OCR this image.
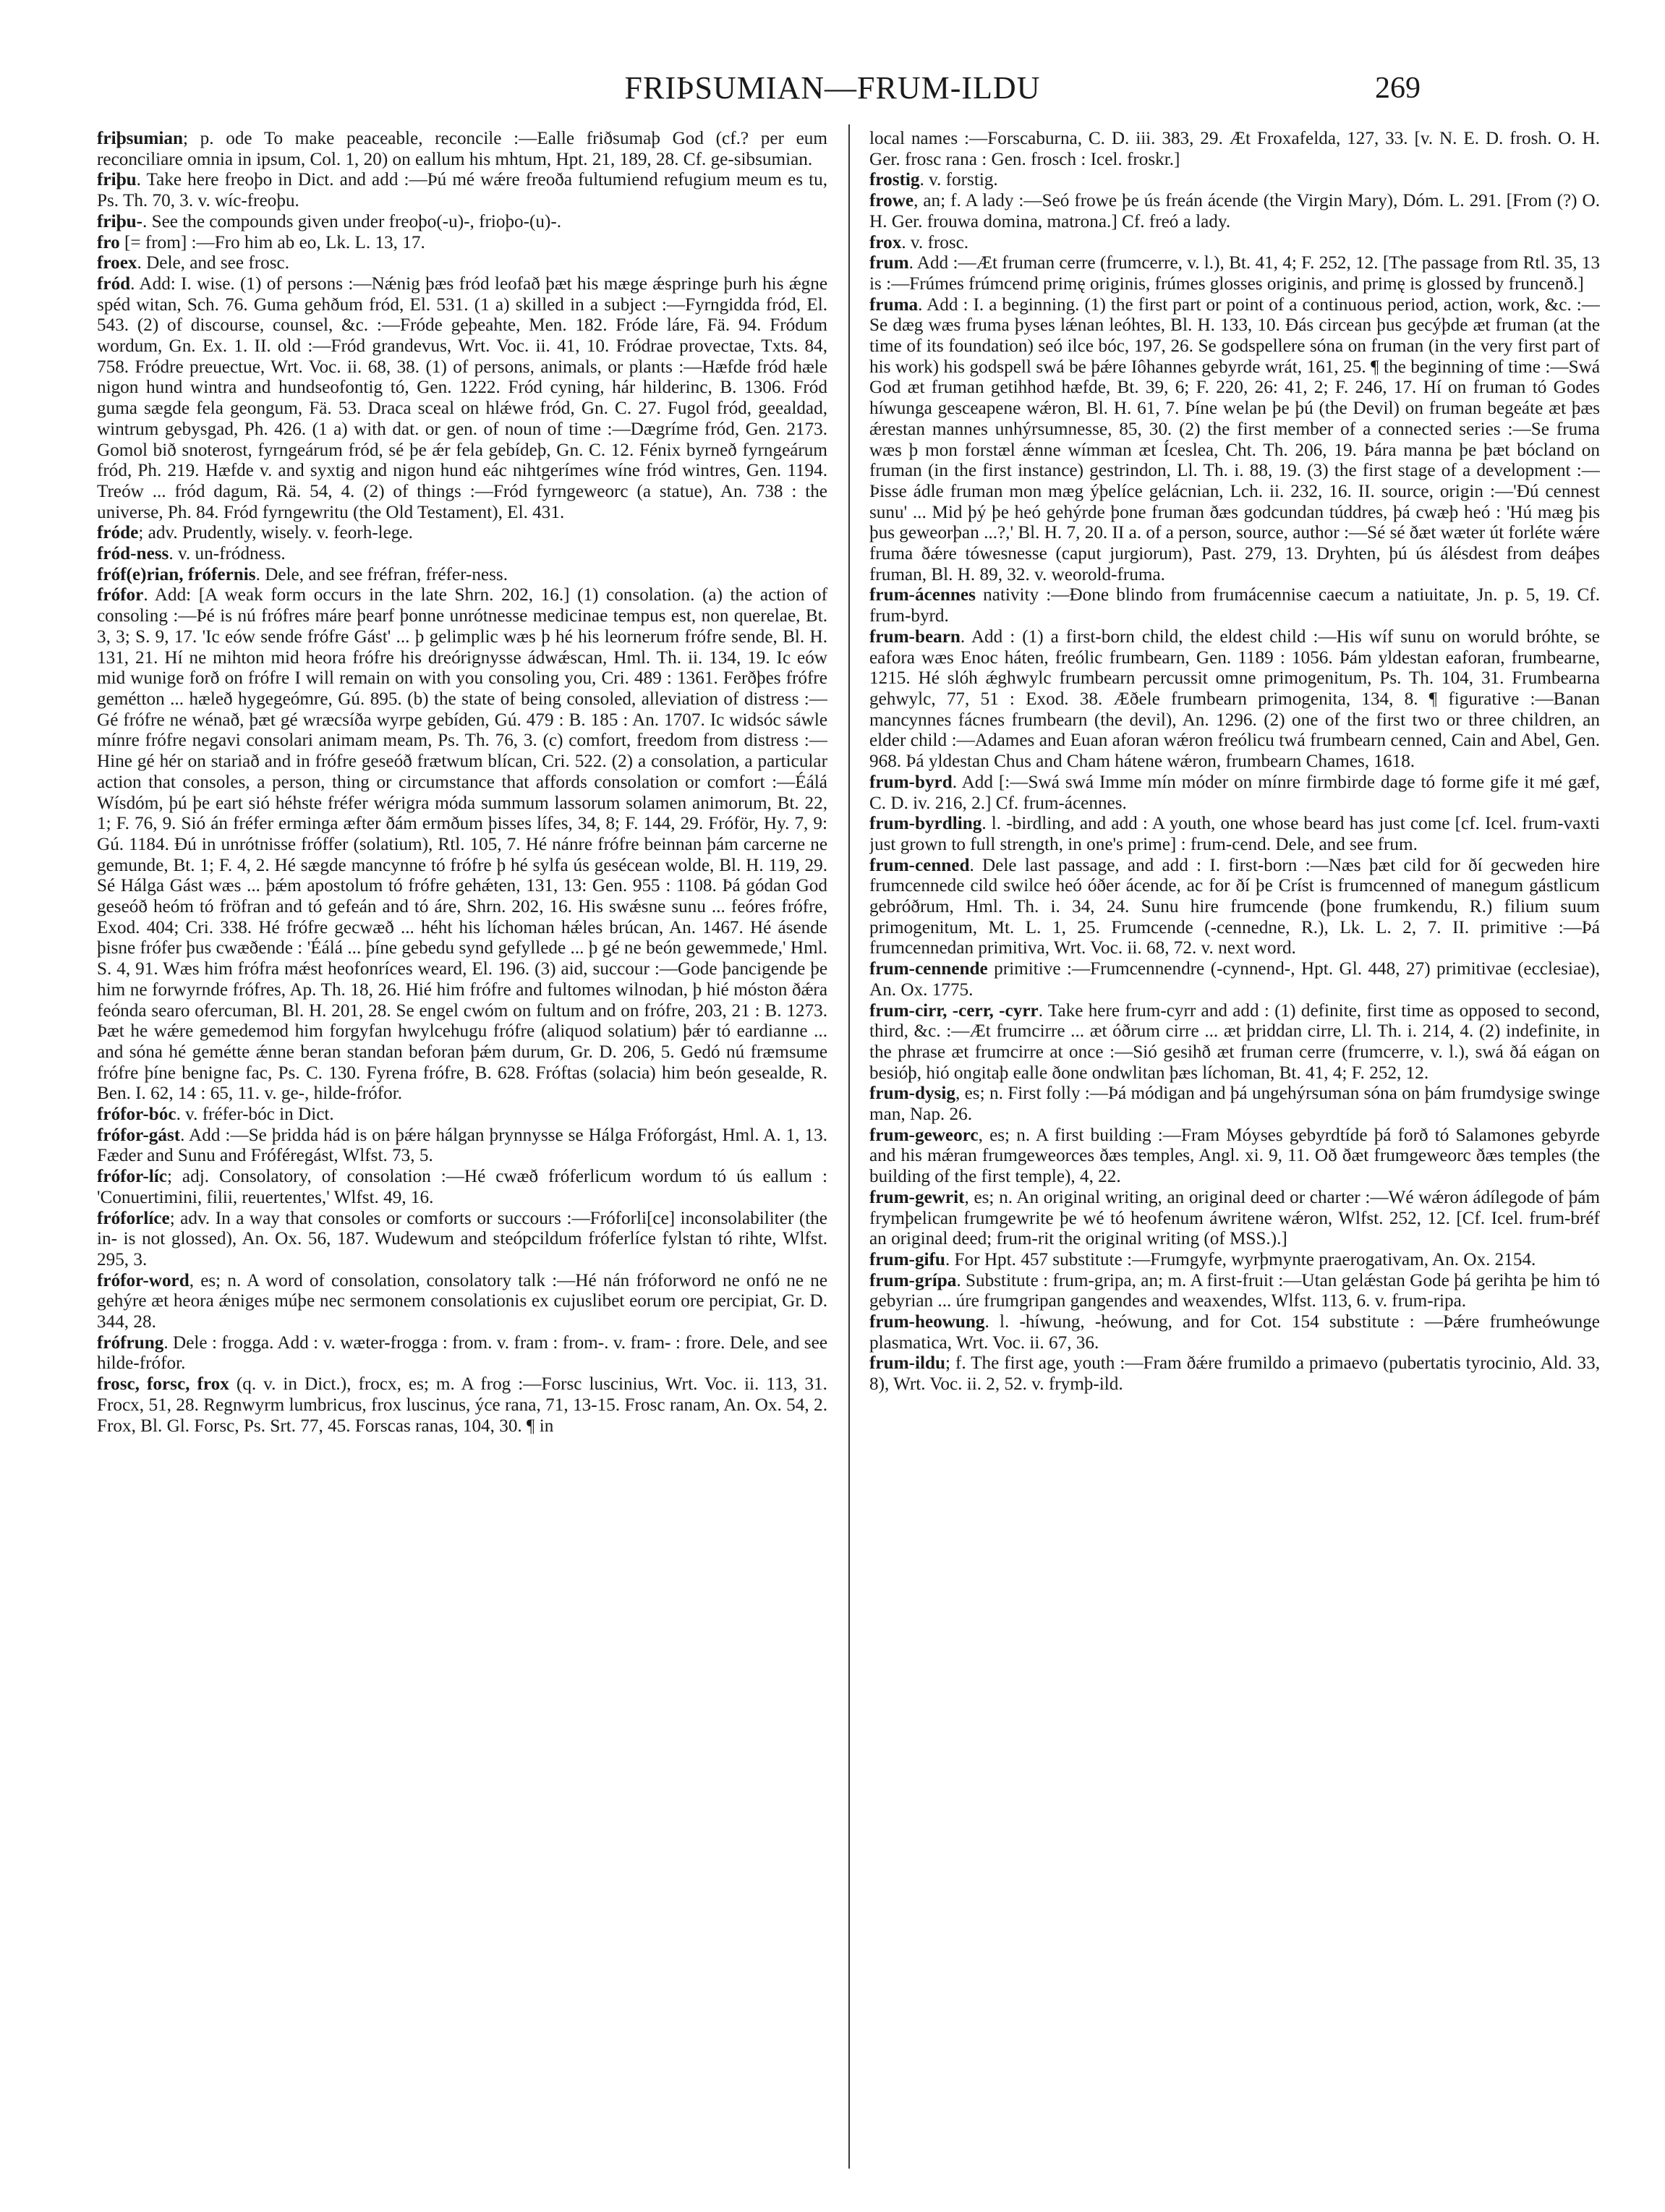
FRIÞSUMIAN—FRUM-ILDU	269

friþsumian; p. ode To make peaceable, reconcile :—Ealle friðsumaþ God (cf.? per eum reconciliare omnia in ipsum, Col. 1, 20) on eallum his mhtum, Hpt. 21, 189, 28. Cf. ge-sibsumian.

friþu. Take here freoþo in Dict. and add :—Þú mé wǽre freoða fultumiend refugium meum es tu, Ps. Th. 70, 3. v. wíc-freoþu.

friþu-. See the compounds given under freoþo(-u)-, frioþo-(u)-.

fro [= from] :—Fro him ab eo, Lk. L. 13, 17.

froex. Dele, and see frosc.

fród. Add: I. wise. (1) of persons :—Nǽnig þæs fród leofað þæt his mæge ǽspringe þurh his ǽgne spéd witan, Sch. 76. Guma gehðum fród, El. 531. (1 a) skilled in a subject :—Fyrngidda fród, El. 543. (2) of discourse, counsel, &c. :—Fróde geþeahte, Men. 182. Fróde láre, Fä. 94. Fródum wordum, Gn. Ex. 1. II. old :—Fród grandevus, Wrt. Voc. ii. 41, 10. Fródrae provectae, Txts. 84, 758. Fródre preuectue, Wrt. Voc. ii. 68, 38. (1) of persons, animals, or plants :—Hæfde fród hæle nigon hund wintra and hundseofontig tó, Gen. 1222. Fród cyning, hár hilderinc, B. 1306. Fród guma sægde fela geongum, Fä. 53. Draca sceal on hlǽwe fród, Gn. C. 27. Fugol fród, geealdad, wintrum gebysgad, Ph. 426. (1 a) with dat. or gen. of noun of time :—Dægríme fród, Gen. 2173. Gomol bið snoterost, fyrngeárum fród, sé þe ǽr fela gebídeþ, Gn. C. 12. Fénix byrneð fyrngeárum fród, Ph. 219. Hæfde v. and syxtig and nigon hund eác nihtgerímes wíne fród wintres, Gen. 1194. Treów ... fród dagum, Rä. 54, 4. (2) of things :—Fród fyrngeweorc (a statue), An. 738 : the universe, Ph. 84. Fród fyrngewritu (the Old Testament), El. 431.

fróde; adv. Prudently, wisely. v. feorh-lege.

fród-ness. v. un-fródness.

fróf(e)rian, frófernis. Dele, and see fréfran, fréfer-ness.

frófor. Add: [A weak form occurs in the late Shrn. 202, 16.] (1) consolation. (a) the action of consoling :—Þé is nú frófres máre þearf þonne unrótnesse medicinae tempus est, non querelae, Bt. 3, 3; S. 9, 17. 'Ic eów sende frófre Gást' ... þ gelimplic wæs þ hé his leornerum frófre sende, Bl. H. 131, 21. Hí ne mihton mid heora frófre his dreórignysse ádwǽscan, Hml. Th. ii. 134, 19. Ic eów mid wunige forð on frófre I will remain on with you consoling you, Cri. 489 : 1361. Ferðþes frófre gemétton ... hæleð hygegeómre, Gú. 895. (b) the state of being consoled, alleviation of distress :—Gé frófre ne wénað, þæt gé wræcsíða wyrpe gebíden, Gú. 479 : B. 185 : An. 1707. Ic widsóc sáwle mínre frófre negavi consolari animam meam, Ps. Th. 76, 3. (c) comfort, freedom from distress :—Hine gé hér on stariað and in frófre geseóð frætwum blícan, Cri. 522. (2) a consolation, a particular action that consoles, a person, thing or circumstance that affords consolation or comfort :—Éálá Wísdóm, þú þe eart sió héhste fréfer wérigra móda summum lassorum solamen animorum, Bt. 22, 1; F. 76, 9. Sió án fréfer erminga æfter ðám ermðum þisses lífes, 34, 8; F. 144, 29. Fróför, Hy. 7, 9: Gú. 1184. Ðú in unrótnisse fróffer (solatium), Rtl. 105, 7. Hé nánre frófre beinnan þám carcerne ne gemunde, Bt. 1; F. 4, 2. Hé sægde mancynne tó frófre þ hé sylfa ús gesécean wolde, Bl. H. 119, 29. Sé Hálga Gást wæs ... þǽm apostolum tó frófre gehǽten, 131, 13: Gen. 955 : 1108. Þá gódan God geseóð heóm tó fröfran and tó gefeán and tó áre, Shrn. 202, 16. His swǽsne sunu ... feóres frófre, Exod. 404; Cri. 338. Hé frófre gecwæð ... héht his líchoman hǽles brúcan, An. 1467. Hé ásende þisne frófer þus cwæðende : 'Éálá ... þíne gebedu synd gefyllede ... þ gé ne beón gewemmede,' Hml. S. 4, 91. Wæs him frófra mǽst heofonríces weard, El. 196. (3) aid, succour :—Gode þancigende þe him ne forwyrnde frófres, Ap. Th. 18, 26. Hié him frófre and fultomes wilnodan, þ hié móston ðǽra feónda searo ofercuman, Bl. H. 201, 28. Se engel cwóm on fultum and on frófre, 203, 21 : B. 1273. Þæt he wǽre gemedemod him forgyfan hwylcehugu frófre (aliquod solatium) þǽr tó eardianne ... and sóna hé gemétte ǽnne beran standan beforan þǽm durum, Gr. D. 206, 5. Gedó nú fræmsume frófre þíne benigne fac, Ps. C. 130. Fyrena frófre, B. 628. Fróftas (solacia) him beón gesealde, R. Ben. I. 62, 14 : 65, 11. v. ge-, hilde-frófor.

frófor-bóc. v. fréfer-bóc in Dict.

frófor-gást. Add :—Se þridda hád is on þǽre hálgan þrynnysse se Hálga Fróforgást, Hml. A. 1, 13. Fæder and Sunu and Fróféregást, Wlfst. 73, 5.

frófor-líc; adj. Consolatory, of consolation :—Hé cwæð fróferlicum wordum tó ús eallum : 'Conuertimini, filii, reuertentes,' Wlfst. 49, 16.

fróforlíce; adv. In a way that consoles or comforts or succours :—Fróforli[ce] inconsolabiliter (the in- is not glossed), An. Ox. 56, 187. Wudewum and steópcildum fróferlíce fylstan tó rihte, Wlfst. 295, 3.

frófor-word, es; n. A word of consolation, consolatory talk :—Hé nán fróforword ne onfó ne ne gehýre æt heora ǽniges múþe nec sermonem consolationis ex cujuslibet eorum ore percipiat, Gr. D. 344, 28.

frófrung. Dele : frogga. Add : v. wæter-frogga : from. v. fram : from-. v. fram- : frore. Dele, and see hilde-frófor.

frosc, forsc, frox (q. v. in Dict.), frocx, es; m. A frog :—Forsc luscinius, Wrt. Voc. ii. 113, 31. Frocx, 51, 28. Regnwyrm lumbricus, frox luscinus, ýce rana, 71, 13-15. Frosc ranam, An. Ox. 54, 2. Frox, Bl. Gl. Forsc, Ps. Srt. 77, 45. Forscas ranas, 104, 30. ¶ in

local names :—Forscaburna, C. D. iii. 383, 29. Æt Froxafelda, 127, 33. [v. N. E. D. frosh. O. H. Ger. frosc rana : Gen. frosch : Icel. froskr.]

frostig. v. forstig.

frowe, an; f. A lady :—Seó frowe þe ús freán ácende (the Virgin Mary), Dóm. L. 291. [From (?) O. H. Ger. frouwa domina, matrona.] Cf. freó a lady.

frox. v. frosc.

frum. Add :—Æt fruman cerre (frumcerre, v. l.), Bt. 41, 4; F. 252, 12. [The passage from Rtl. 35, 13 is :—Frúmes frúmcend primę originis, frúmes glosses originis, and primę is glossed by fruncenð.]

fruma. Add : I. a beginning. (1) the first part or point of a continuous period, action, work, &c. :—Se dæg wæs fruma þyses lǽnan leóhtes, Bl. H. 133, 10. Ðás circean þus gecýþde æt fruman (at the time of its foundation) seó ilce bóc, 197, 26. Se godspellere sóna on fruman (in the very first part of his work) his godspell swá be þǽre Iôhannes gebyrde wrát, 161, 25. ¶ the beginning of time :—Swá God æt fruman getihhod hæfde, Bt. 39, 6; F. 220, 26: 41, 2; F. 246, 17. Hí on fruman tó Godes híwunga gesceapene wǽron, Bl. H. 61, 7. Þíne welan þe þú (the Devil) on fruman begeáte æt þæs ǽrestan mannes unhýrsumnesse, 85, 30. (2) the first member of a connected series :—Se fruma wæs þ mon forstæl ǽnne wímman æt Íceslea, Cht. Th. 206, 19. Þára manna þe þæt bócland on fruman (in the first instance) gestrindon, Ll. Th. i. 88, 19. (3) the first stage of a development :—Þisse ádle fruman mon mæg ýþelíce gelácnian, Lch. ii. 232, 16. II. source, origin :—'Ðú cennest sunu' ... Mid þý þe heó gehýrde þone fruman ðæs godcundan túddres, þá cwæþ heó : 'Hú mæg þis þus geweorþan ...?,' Bl. H. 7, 20. II a. of a person, source, author :—Sé sé ðæt wæter út forléte wǽre fruma ðǽre tówesnesse (caput jurgiorum), Past. 279, 13. Dryhten, þú ús álésdest from deáþes fruman, Bl. H. 89, 32. v. weorold-fruma.

frum-ácennes nativity :—Ðone blindo from frumácennise caecum a natiuitate, Jn. p. 5, 19. Cf. frum-byrd.

frum-bearn. Add : (1) a first-born child, the eldest child :—His wíf sunu on woruld bróhte, se eafora wæs Enoc háten, freólic frumbearn, Gen. 1189 : 1056. Þám yldestan eaforan, frumbearne, 1215. Hé slóh ǽghwylc frumbearn percussit omne primogenitum, Ps. Th. 104, 31. Frumbearna gehwylc, 77, 51 : Exod. 38. Æðele frumbearn primogenita, 134, 8. ¶ figurative :—Banan mancynnes fácnes frumbearn (the devil), An. 1296. (2) one of the first two or three children, an elder child :—Adames and Euan aforan wǽron freólicu twá frumbearn cenned, Cain and Abel, Gen. 968. Þá yldestan Chus and Cham hátene wǽron, frumbearn Chames, 1618.

frum-byrd. Add [:—Swá swá Imme mín móder on mínre firmbirde dage tó forme gife it mé gæf, C. D. iv. 216, 2.] Cf. frum-ácennes.

frum-byrdling. l. -birdling, and add : A youth, one whose beard has just come [cf. Icel. frum-vaxti just grown to full strength, in one's prime] : frum-cend. Dele, and see frum.

frum-cenned. Dele last passage, and add : I. first-born :—Næs þæt cild for ðí gecweden hire frumcennede cild swilce heó óðer ácende, ac for ðí þe Críst is frumcenned of manegum gástlicum gebróðrum, Hml. Th. i. 34, 24. Sunu hire frumcende (þone frumkendu, R.) filium suum primogenitum, Mt. L. 1, 25. Frumcende (-cennedne, R.), Lk. L. 2, 7. II. primitive :—Þá frumcennedan primitiva, Wrt. Voc. ii. 68, 72. v. next word.

frum-cennende primitive :—Frumcennendre (-cynnend-, Hpt. Gl. 448, 27) primitivae (ecclesiae), An. Ox. 1775.

frum-cirr, -cerr, -cyrr. Take here frum-cyrr and add : (1) definite, first time as opposed to second, third, &c. :—Æt frumcirre ... æt óðrum cirre ... æt þriddan cirre, Ll. Th. i. 214, 4. (2) indefinite, in the phrase æt frumcirre at once :—Sió gesihð æt fruman cerre (frumcerre, v. l.), swá ðá eágan on besióþ, hió ongitaþ ealle ðone ondwlitan þæs líchoman, Bt. 41, 4; F. 252, 12.

frum-dysig, es; n. First folly :—Þá módigan and þá ungehýrsuman sóna on þám frumdysige swinge man, Nap. 26.

frum-geweorc, es; n. A first building :—Fram Móyses gebyrdtíde þá forð tó Salamones gebyrde and his mǽran frumgeweorces ðæs temples, Angl. xi. 9, 11. Oð ðæt frumgeweorc ðæs temples (the building of the first temple), 4, 22.

frum-gewrit, es; n. An original writing, an original deed or charter :—Wé wǽron ádílegode of þám frymþelican frumgewrite þe wé tó heofenum áwritene wǽron, Wlfst. 252, 12. [Cf. Icel. frum-bréf an original deed; frum-rit the original writing (of MSS.).]

frum-gifu. For Hpt. 457 substitute :—Frumgyfe, wyrþmynte praerogativam, An. Ox. 2154.

frum-grípa. Substitute : frum-gripa, an; m. A first-fruit :—Utan gelǽstan Gode þá gerihta þe him tó gebyrian ... úre frumgripan gangendes and weaxendes, Wlfst. 113, 6. v. frum-ripa.

frum-heowung. l. -híwung, -heówung, and for Cot. 154 substitute : —Þǽre frumheówunge plasmatica, Wrt. Voc. ii. 67, 36.

frum-ildu; f. The first age, youth :—Fram ðǽre frumildo a primaevo (pubertatis tyrocinio, Ald. 33, 8), Wrt. Voc. ii. 2, 52. v. frymþ-ild.
